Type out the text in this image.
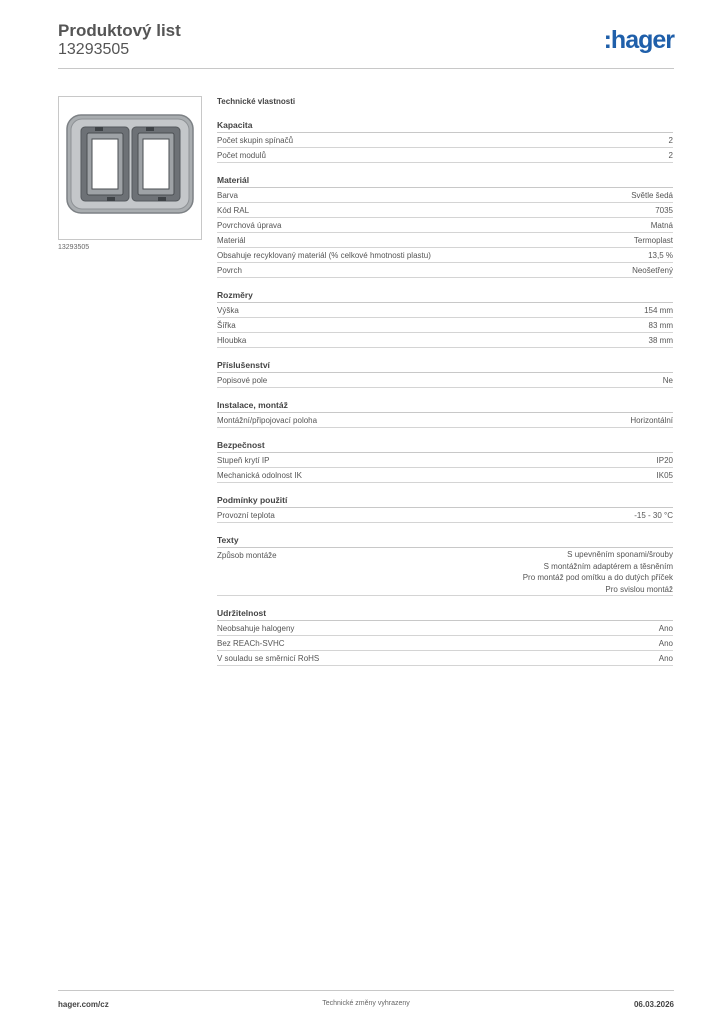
Produktový list
13293505	:hager
13293505
Technické vlastnosti
Kapacita
Počet skupin spínačů	2
Počet modulů	2
Materiál
Barva	Světle šedá
Kód RAL	7035
Povrchová úprava	Matná
Materiál	Termoplast
Obsahuje recyklovaný materiál (% celkové hmotnosti plastu)	13,5 %
Povrch	Neošetřený
Rozměry
Výška	154 mm
Šířka	83 mm
Hloubka	38 mm
Příslušenství
Popisové pole	Ne
Instalace, montáž
Montážní/připojovací poloha	Horizontální
Bezpečnost
Stupeň krytí IP	IP20
Mechanická odolnost IK	IK05
Podmínky použití
Provozní teplota	-15 - 30 °C
Texty
Způsob montáže	S upevněním sponami/šrouby
S montážním adaptérem a těsněním
Pro montáž pod omítku a do dutých příček
Pro svislou montáž
Udržitelnost
Neobsahuje halogeny	Ano
Bez REACh-SVHC	Ano
V souladu se směrnicí RoHS	Ano
hager.com/cz	Technické změny vyhrazeny	06.03.2026
